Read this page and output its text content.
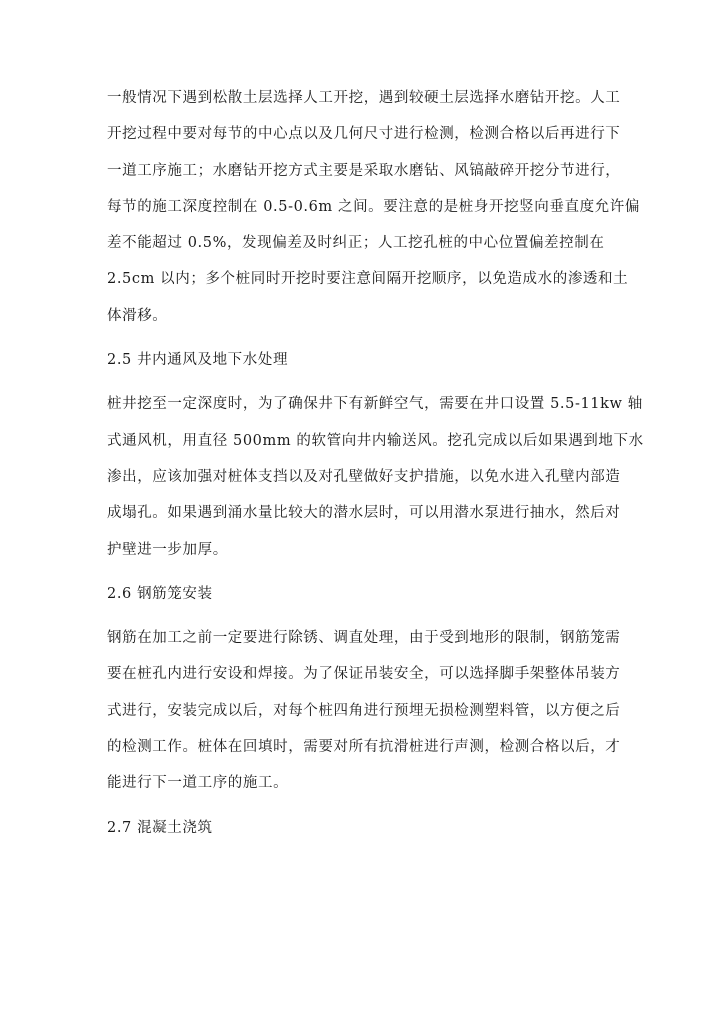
一般情况下遇到松散土层选择人工开挖，遇到较硬土层选择水磨钻开挖。人工
开挖过程中要对每节的中心点以及几何尺寸进行检测，检测合格以后再进行下
一道工序施工；水磨钻开挖方式主要是采取水磨钻、风镐敲碎开挖分节进行，
每节的施工深度控制在 0.5-0.6m 之间。要注意的是桩身开挖竖向垂直度允许偏
差不能超过 0.5%，发现偏差及时纠正；人工挖孔桩的中心位置偏差控制在
2.5cm 以内；多个桩同时开挖时要注意间隔开挖顺序，以免造成水的渗透和土
体滑移。
2.5 井内通风及地下水处理
桩井挖至一定深度时，为了确保井下有新鲜空气，需要在井口设置 5.5-11kw 轴
式通风机，用直径 500mm 的软管向井内输送风。挖孔完成以后如果遇到地下水
渗出，应该加强对桩体支挡以及对孔壁做好支护措施，以免水进入孔壁内部造
成塌孔。如果遇到涌水量比较大的潜水层时，可以用潜水泵进行抽水，然后对
护壁进一步加厚。
2.6 钢筋笼安装
钢筋在加工之前一定要进行除锈、调直处理，由于受到地形的限制，钢筋笼需
要在桩孔内进行安设和焊接。为了保证吊装安全，可以选择脚手架整体吊装方
式进行，安装完成以后，对每个桩四角进行预埋无损检测塑料管，以方便之后
的检测工作。桩体在回填时，需要对所有抗滑桩进行声测，检测合格以后，才
能进行下一道工序的施工。
2.7 混凝土浇筑
